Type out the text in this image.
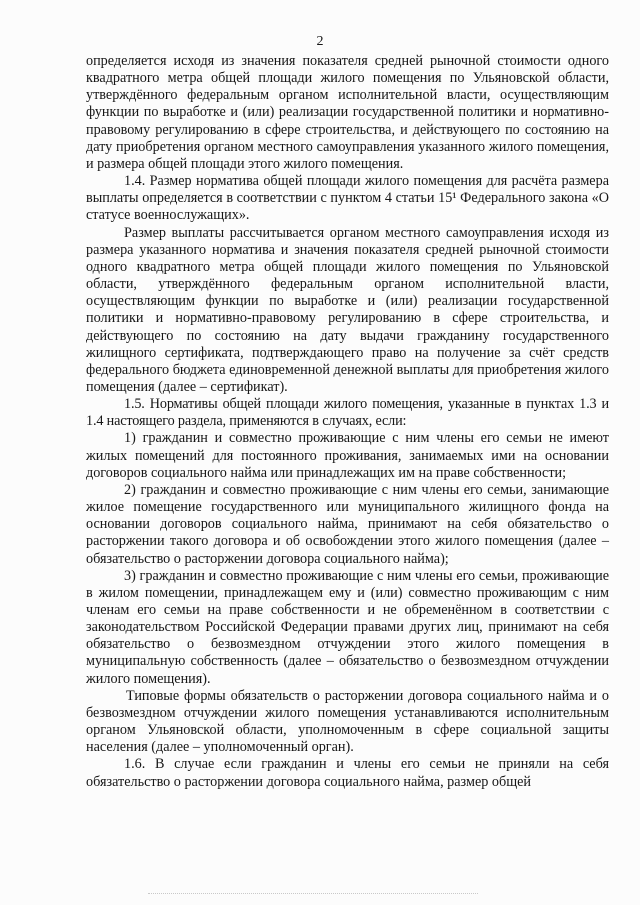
2

определяется исходя из значения показателя средней рыночной стоимости одного квадратного метра общей площади жилого помещения по Ульяновской области, утверждённого федеральным органом исполнительной власти, осуществляющим функции по выработке и (или) реализации государственной политики и нормативно-правовому регулированию в сфере строительства, и действующего по состоянию на дату приобретения органом местного самоуправления указанного жилого помещения, и размера общей площади этого жилого помещения.

1.4. Размер норматива общей площади жилого помещения для расчёта размера выплаты определяется в соответствии с пунктом 4 статьи 15¹ Федерального закона «О статусе военнослужащих».

Размер выплаты рассчитывается органом местного самоуправления исходя из размера указанного норматива и значения показателя средней рыночной стоимости одного квадратного метра общей площади жилого помещения по Ульяновской области, утверждённого федеральным органом исполнительной власти, осуществляющим функции по выработке и (или) реализации государственной политики и нормативно-правовому регулированию в сфере строительства, и действующего по состоянию на дату выдачи гражданину государственного жилищного сертификата, подтверждающего право на получение за счёт средств федерального бюджета единовременной денежной выплаты для приобретения жилого помещения (далее – сертификат).

1.5. Нормативы общей площади жилого помещения, указанные в пунктах 1.3 и 1.4 настоящего раздела, применяются в случаях, если:

1) гражданин и совместно проживающие с ним члены его семьи не имеют жилых помещений для постоянного проживания, занимаемых ими на основании договоров социального найма или принадлежащих им на праве собственности;

2) гражданин и совместно проживающие с ним члены его семьи, занимающие жилое помещение государственного или муниципального жилищного фонда на основании договоров социального найма, принимают на себя обязательство о расторжении такого договора и об освобождении этого жилого помещения (далее – обязательство о расторжении договора социального найма);

3) гражданин и совместно проживающие с ним члены его семьи, проживающие в жилом помещении, принадлежащем ему и (или) совместно проживающим с ним членам его семьи на праве собственности и не обременённом в соответствии с законодательством Российской Федерации правами других лиц, принимают на себя обязательство о безвозмездном отчуждении этого жилого помещения в муниципальную собственность (далее – обязательство о безвозмездном отчуждении жилого помещения).

Типовые формы обязательств о расторжении договора социального найма и о безвозмездном отчуждении жилого помещения устанавливаются исполнительным органом Ульяновской области, уполномоченным в сфере социальной защиты населения (далее – уполномоченный орган).

1.6. В случае если гражданин и члены его семьи не приняли на себя обязательство о расторжении договора социального найма, размер общей
